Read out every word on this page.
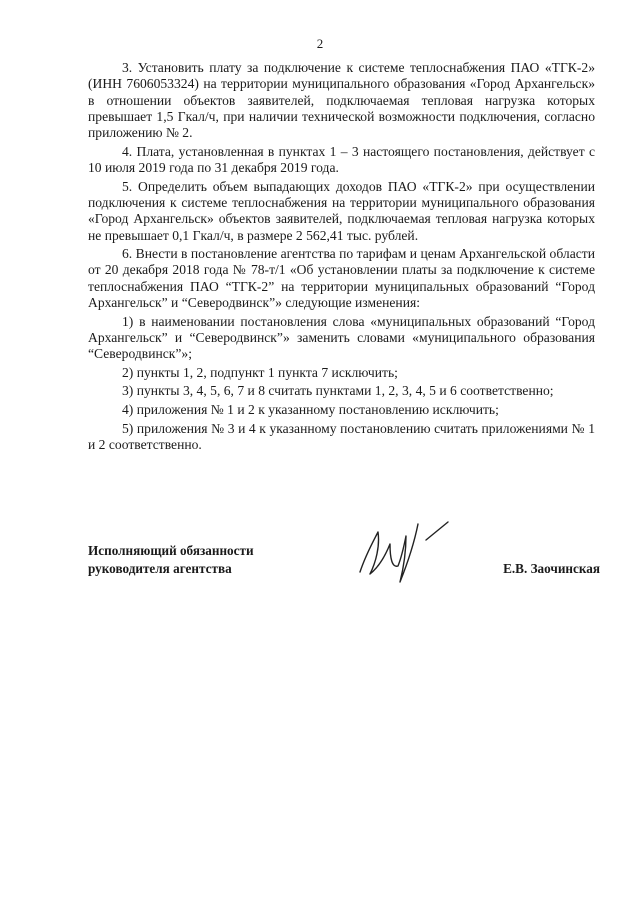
2

3. Установить плату за подключение к системе теплоснабжения ПАО «ТГК-2» (ИНН 7606053324) на территории муниципального образования «Город Архангельск» в отношении объектов заявителей, подключаемая тепловая нагрузка которых превышает 1,5 Гкал/ч, при наличии технической возможности подключения, согласно приложению № 2.

4. Плата, установленная в пунктах 1 – 3 настоящего постановления, действует с 10 июля 2019 года по 31 декабря 2019 года.

5. Определить объем выпадающих доходов ПАО «ТГК-2» при осуществлении подключения к системе теплоснабжения на территории муниципального образования «Город Архангельск» объектов заявителей, подключаемая тепловая нагрузка которых не превышает 0,1 Гкал/ч, в размере 2 562,41 тыс. рублей.

6. Внести в постановление агентства по тарифам и ценам Архангельской области от 20 декабря 2018 года № 78-т/1 «Об установлении платы за подключение к системе теплоснабжения ПАО “ТГК-2” на территории муниципальных образований “Город Архангельск” и “Северодвинск”» следующие изменения:

1) в наименовании постановления слова «муниципальных образований “Город Архангельск” и “Северодвинск”» заменить словами «муниципального образования “Северодвинск”»;

2) пункты 1, 2, подпункт 1 пункта 7 исключить;

3) пункты 3, 4, 5, 6, 7 и 8 считать пунктами 1, 2, 3, 4, 5 и 6 соответственно;

4) приложения № 1 и 2 к указанному постановлению исключить;

5) приложения № 3 и 4 к указанному постановлению считать приложениями № 1 и 2 соответственно.

Исполняющий обязанности
руководителя агентства	Е.В. Заочинская
